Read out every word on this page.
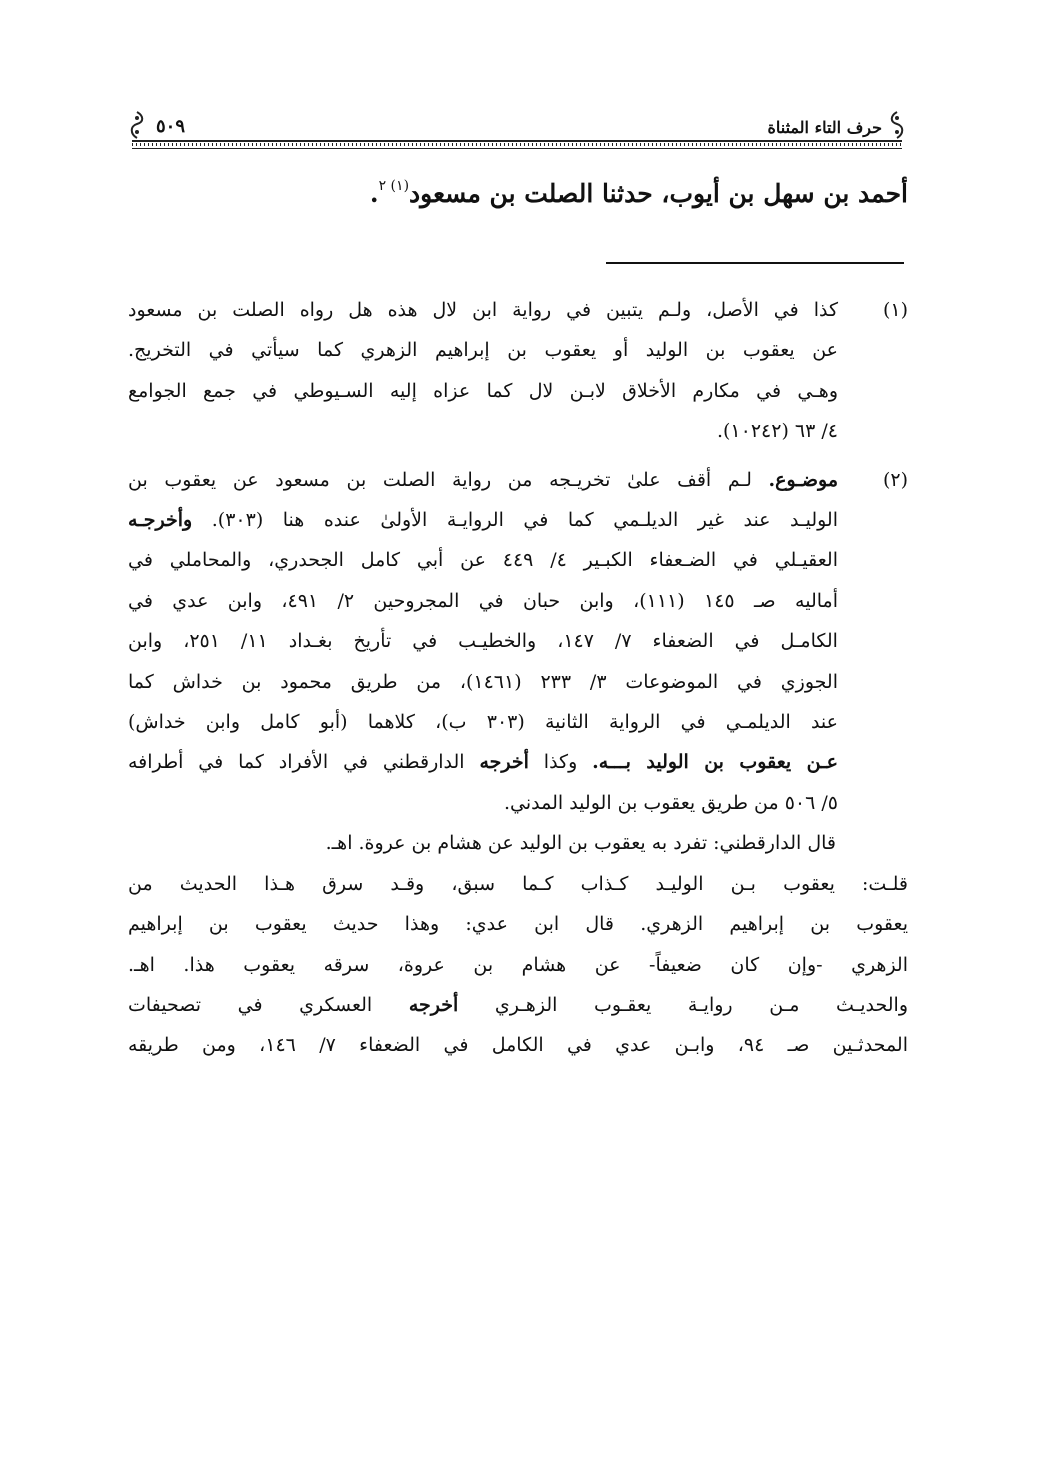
حرف التاء المثناة
٥٠٩
أحمد بن سهل بن أيوب، حدثنا الصلت بن مسعود$^{(١) ٢}$.
(١)
كذا في الأصل، ولـم يتبين في رواية ابن لال هذه هل رواه الصلت بن مسعود
عن يعقوب بن الوليد أو يعقوب بن إبراهيم الزهري كما سيأتي في التخريج.
وهـي في مكارم الأخلاق لابـن لال كما عزاه إليه السـيوطي في جمع الجوامع
٤/ ٦٣ (١٠٢٤٢).
(٢)
موضـوع. لـم أقف علىٰ تخريـجه من رواية الصلت بن مسعود عن يعقوب بن
الوليـد عند غير الديلـمي كما في الروايـة الأولىٰ عنده هنا (٣٠٣). وأخرجـه
العقيـلي في الضـعفاء الكبـير ٤/ ٤٤٩ عن أبي كامل الجحدري، والمحاملي في
أماليه صـ ١٤٥ (١١١)، وابن حبان في المجروحين ٢/ ٤٩١، وابن عدي في
الكامـل في الضعفاء ٧/ ١٤٧، والخطيـب في تأريخ بغـداد ١١/ ٢٥١، وابن
الجوزي في الموضوعات ٣/ ٢٣٣ (١٤٦١)، من طريق محمود بن خداش كما
عند الديلمـي في الرواية الثانية (٣٠٣ ب)، كلاهما (أبو كامل وابن خداش)
عـن يعقوب بن الوليد بـــه. وكذا أخرجه الدارقطني في الأفراد كما في أطرافه
٥/ ٥٠٦ من طريق يعقوب بن الوليد المدني.
قال الدارقطني: تفرد به يعقوب بن الوليد عن هشام بن عروة. اهـ.
قلـت: يعقوب بـن الوليـد كـذاب كـما سبق، وقـد سرق هـذا الحديث من
يعقوب بن إبراهيم الزهري. قال ابن عدي: وهذا حديث يعقوب بن إبراهيم
الزهري -وإن كان ضعيفاً- عن هشام بن عروة، سرقه يعقوب هذا. اهـ.
والحديـث مـن روايـة يعقـوب الزهـري أخرجه العسكري في تصحيفات
المحدثـين صـ ٩٤، وابـن عدي في الكامل في الضعفاء ٧/ ١٤٦، ومن طريقه
